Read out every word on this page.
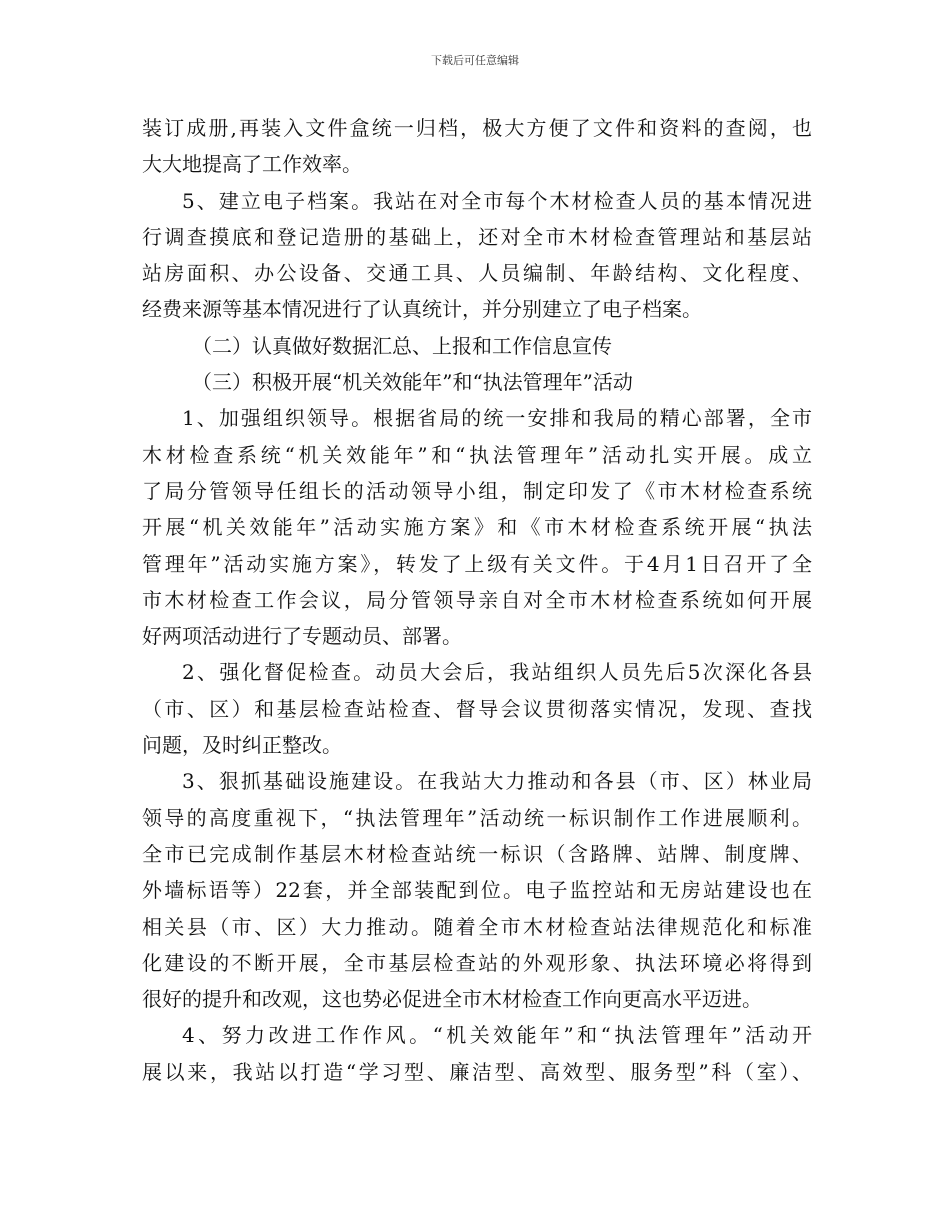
下载后可任意编辑
装订成册,再装入文件盒统一归档，极大方便了文件和资料的查阅，也
大大地提高了工作效率。
5、建立电子档案。我站在对全市每个木材检查人员的基本情况进
行调查摸底和登记造册的基础上，还对全市木材检查管理站和基层站
站房面积、办公设备、交通工具、人员编制、年龄结构、文化程度、
经费来源等基本情况进行了认真统计，并分别建立了电子档案。
（二）认真做好数据汇总、上报和工作信息宣传
（三）积极开展“机关效能年”和“执法管理年”活动
1、加强组织领导。根据省局的统一安排和我局的精心部署，全市
木材检查系统“机关效能年”和“执法管理年”活动扎实开展。成立
了局分管领导任组长的活动领导小组，制定印发了《市木材检查系统
开展“机关效能年”活动实施方案》和《市木材检查系统开展“执法
管理年”活动实施方案》，转发了上级有关文件。于4月1日召开了全
市木材检查工作会议，局分管领导亲自对全市木材检查系统如何开展
好两项活动进行了专题动员、部署。
2、强化督促检查。动员大会后，我站组织人员先后5次深化各县
（市、区）和基层检查站检查、督导会议贯彻落实情况，发现、查找
问题，及时纠正整改。
3、狠抓基础设施建设。在我站大力推动和各县（市、区）林业局
领导的高度重视下，“执法管理年”活动统一标识制作工作进展顺利。
全市已完成制作基层木材检查站统一标识（含路牌、站牌、制度牌、
外墙标语等）22套，并全部装配到位。电子监控站和无房站建设也在
相关县（市、区）大力推动。随着全市木材检查站法律规范化和标准
化建设的不断开展，全市基层检查站的外观形象、执法环境必将得到
很好的提升和改观，这也势必促进全市木材检查工作向更高水平迈进。
4、努力改进工作作风。“机关效能年”和“执法管理年”活动开
展以来，我站以打造“学习型、廉洁型、高效型、服务型”科（室）、
